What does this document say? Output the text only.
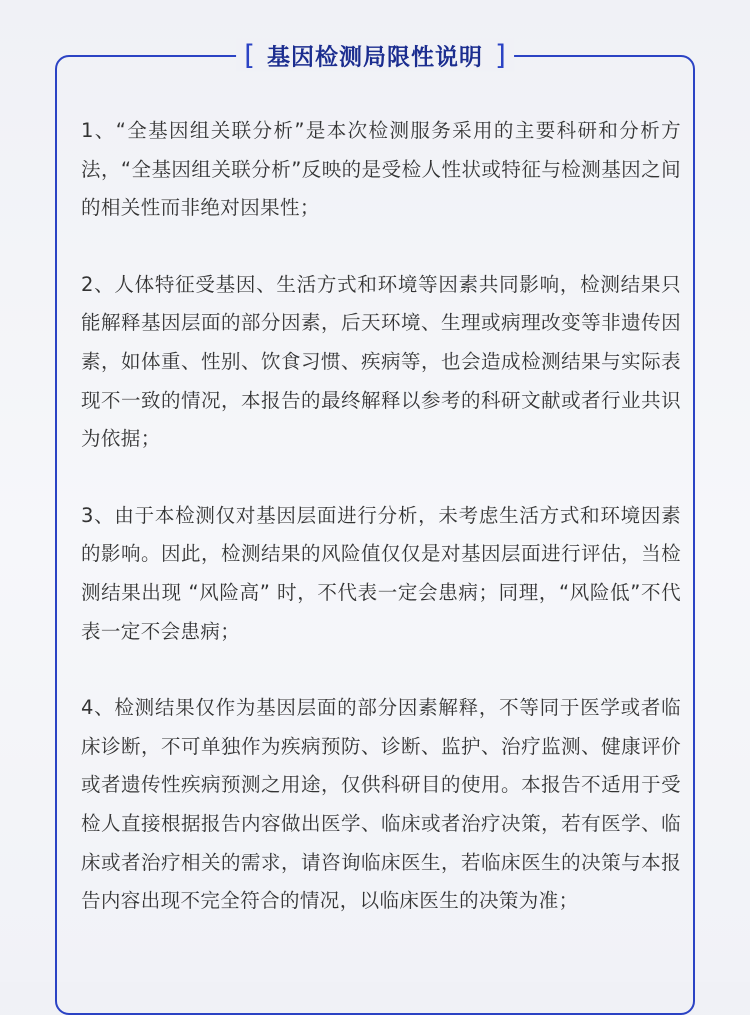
[ 基因检测局限性说明 ]

1、“全基因组关联分析”是本次检测服务采用的主要科研和分析方法，“全基因组关联分析”反映的是受检人性状或特征与检测基因之间的相关性而非绝对因果性；

2、人体特征受基因、生活方式和环境等因素共同影响，检测结果只能解释基因层面的部分因素，后天环境、生理或病理改变等非遗传因素，如体重、性别、饮食习惯、疾病等，也会造成检测结果与实际表现不一致的情况，本报告的最终解释以参考的科研文献或者行业共识为依据；

3、由于本检测仅对基因层面进行分析，未考虑生活方式和环境因素的影响。因此，检测结果的风险值仅仅是对基因层面进行评估，当检测结果出现 “风险高” 时，不代表一定会患病；同理，“风险低”不代表一定不会患病；

4、检测结果仅作为基因层面的部分因素解释，不等同于医学或者临床诊断，不可单独作为疾病预防、诊断、监护、治疗监测、健康评价或者遗传性疾病预测之用途，仅供科研目的使用。本报告不适用于受检人直接根据报告内容做出医学、临床或者治疗决策，若有医学、临床或者治疗相关的需求，请咨询临床医生，若临床医生的决策与本报告内容出现不完全符合的情况，以临床医生的决策为准；
